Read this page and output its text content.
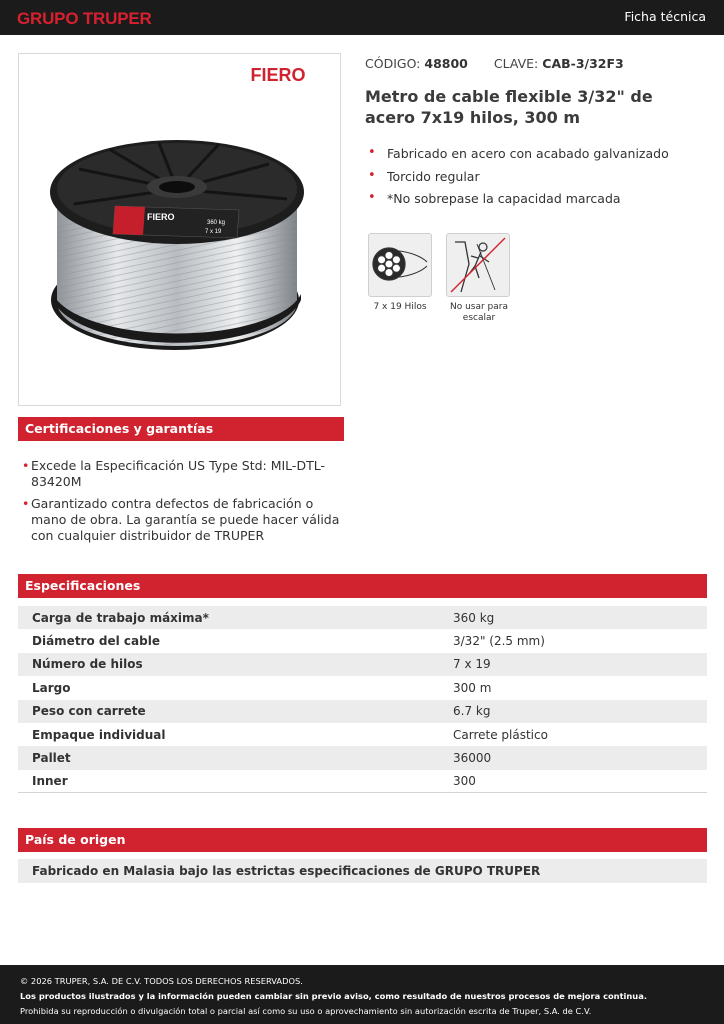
GRUPO TRUPER	Ficha técnica
FIERO
FIERO
360 kg
7 x 19
CÓDIGO: 48800 CLAVE: CAB-3/32F3
Metro de cable flexible 3/32" de acero 7x19 hilos, 300 m
• Fabricado en acero con acabado galvanizado
• Torcido regular
• *No sobrepase la capacidad marcada
7 x 19 Hilos	No usar para escalar
Certificaciones y garantías
• Excede la Especificación US Type Std: MIL-DTL-83420M
• Garantizado contra defectos de fabricación o mano de obra. La garantía se puede hacer válida con cualquier distribuidor de TRUPER
Especificaciones
Carga de trabajo máxima*	360 kg
Diámetro del cable	3/32" (2.5 mm)
Número de hilos	7 x 19
Largo	300 m
Peso con carrete	6.7 kg
Empaque individual	Carrete plástico
Pallet	36000
Inner	300
País de origen
Fabricado en Malasia bajo las estrictas especificaciones de GRUPO TRUPER
© 2026 TRUPER, S.A. DE C.V. TODOS LOS DERECHOS RESERVADOS.
Los productos ilustrados y la información pueden cambiar sin previo aviso, como resultado de nuestros procesos de mejora continua.
Prohibida su reproducción o divulgación total o parcial así como su uso o aprovechamiento sin autorización escrita de Truper, S.A. de C.V.
